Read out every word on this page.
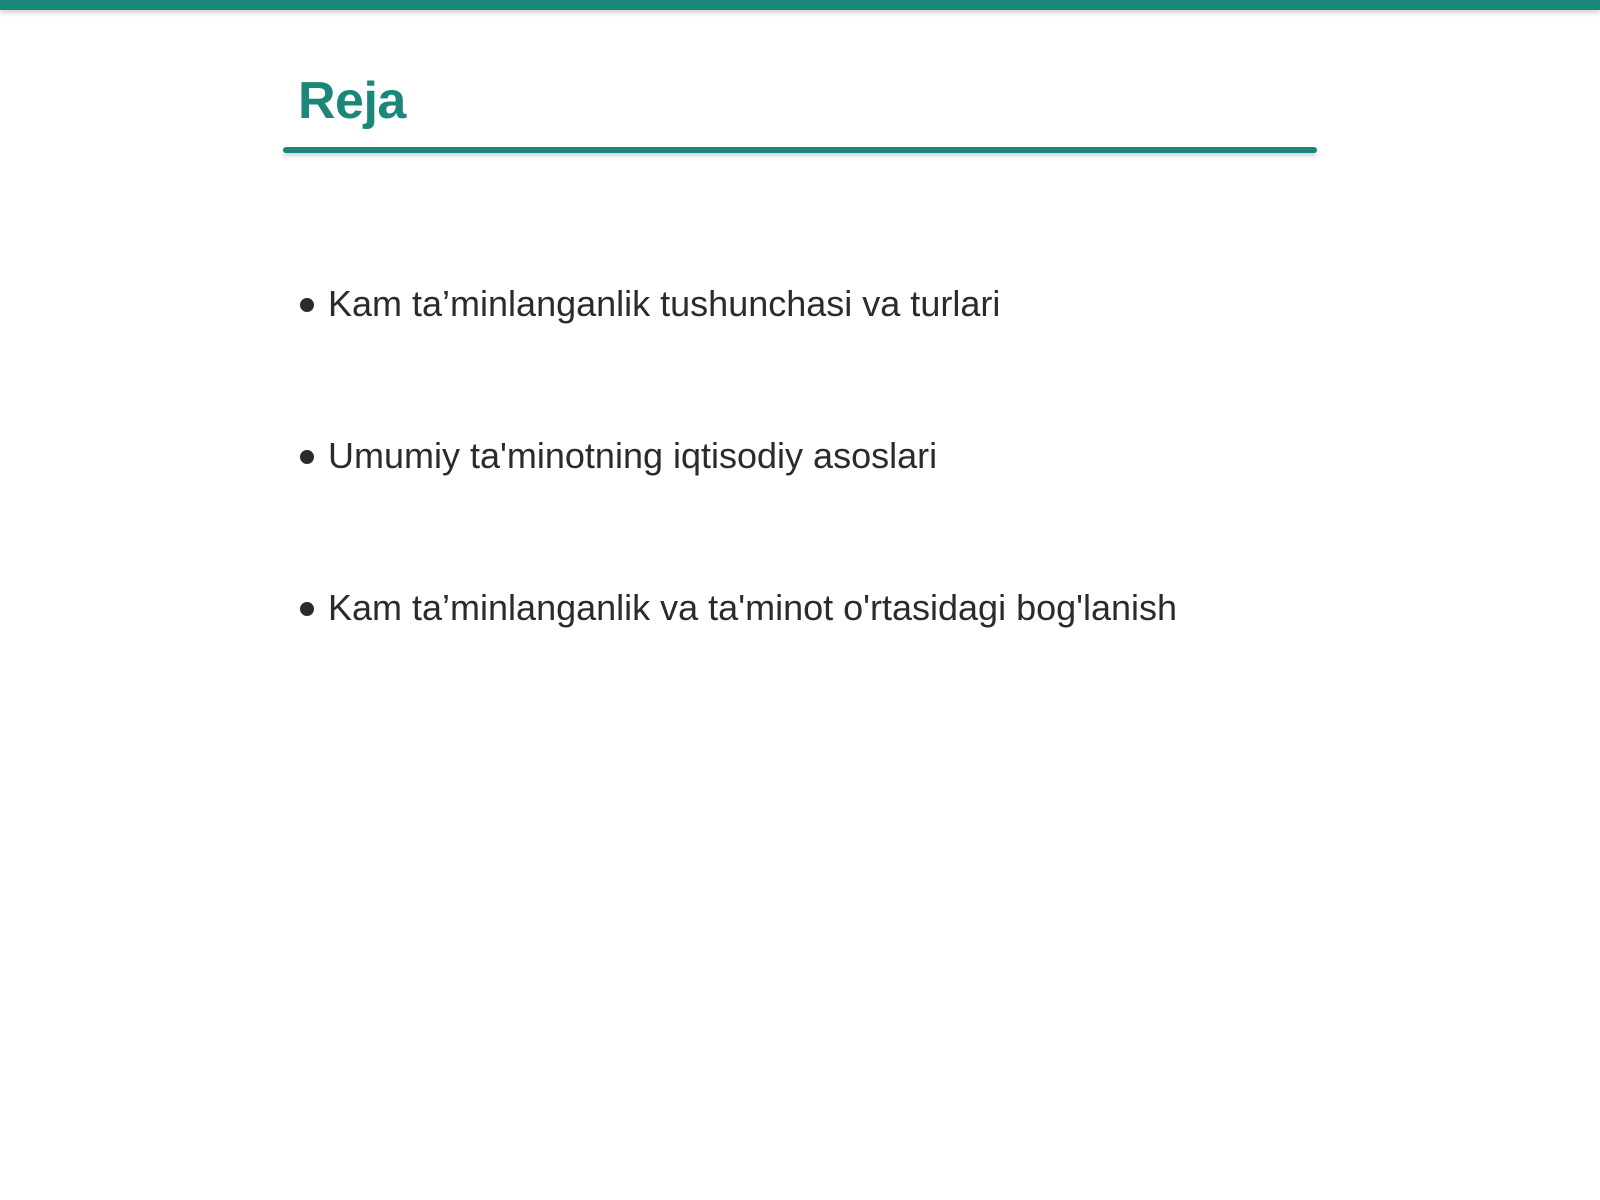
Reja
Kam ta’minlanganlik tushunchasi va turlari
Umumiy ta'minotning iqtisodiy asoslari
Kam ta’minlanganlik va ta'minot o'rtasidagi bog'lanish
